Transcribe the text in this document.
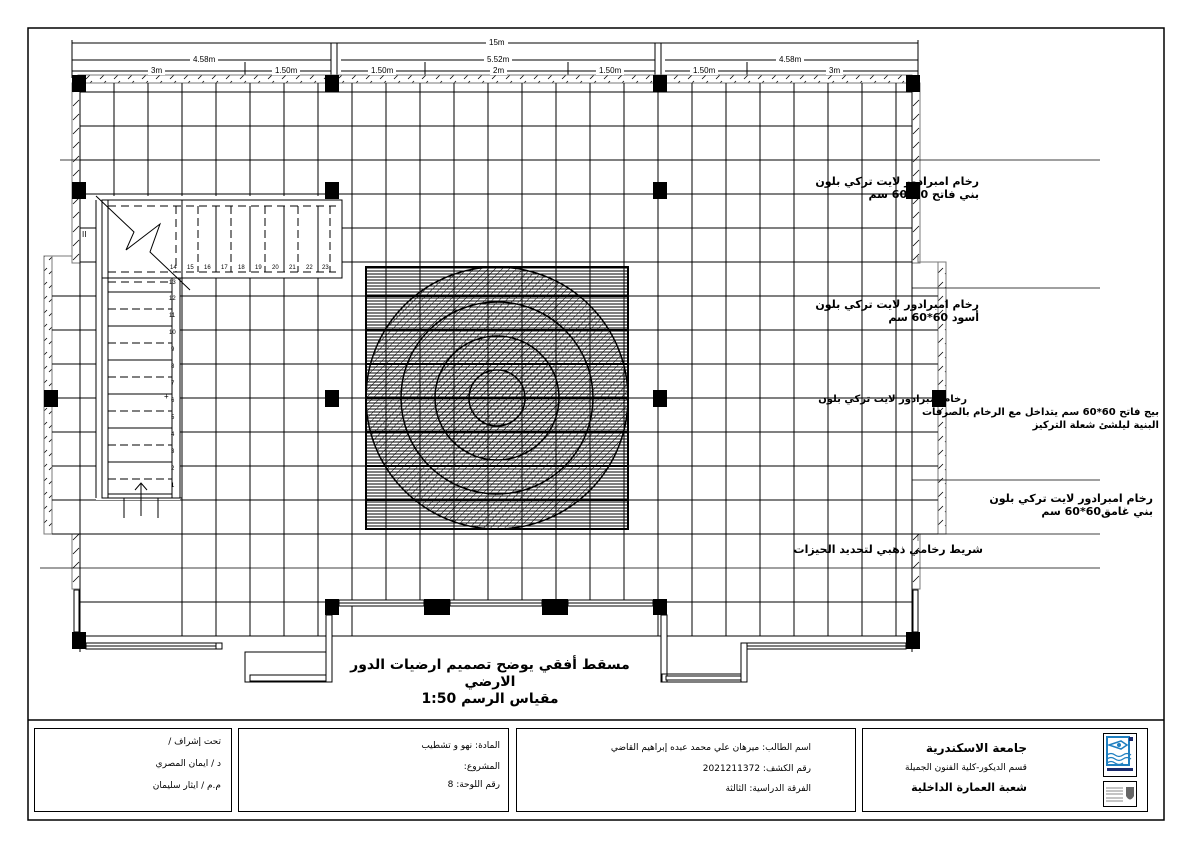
15m
4.58m	5.52m	4.58m
3m	1.50m	1.50m	2m	1.50m	1.50m	3m
14 15 16 17 18 19 20 21 22 23
1
2
3
4
5
6
7
8
9
10
11
12
13
+
II
رخام امبرادور لايت تركي بلون
بني فاتح 60*60 سم
رخام امبرادور لايت تركي بلون
أسود 60*60 سم
رخام امبرادور لايت تركي بلون
بيج فاتح 60*60 سم يتداخل مع الرخام بالصرفات
البنية ليلشئ شعلة التركيز
رخام امبرادور لايت تركي بلون
بني غامق60*60 سم
شريط رخامي ذهبي لتحديد الحيزات
مسقط أفقي يوضح تصميم ارضيات الدور الارضي
مقياس الرسم 1:50
تحت إشراف /
د / ايمان المصري
م.م / ايثار سليمان
المادة: نهو و تشطيب
المشروع:
رقم اللوحة: 8
اسم الطالب: ميرهان علي محمد عبده إبراهيم القاضي
رقم الكشف: 2021211372
الفرقة الدراسية: الثالثة
جامعة الاسكندرية
قسم الديكور-كلية الفنون الجميلة
شعبة العمارة الداخلية
